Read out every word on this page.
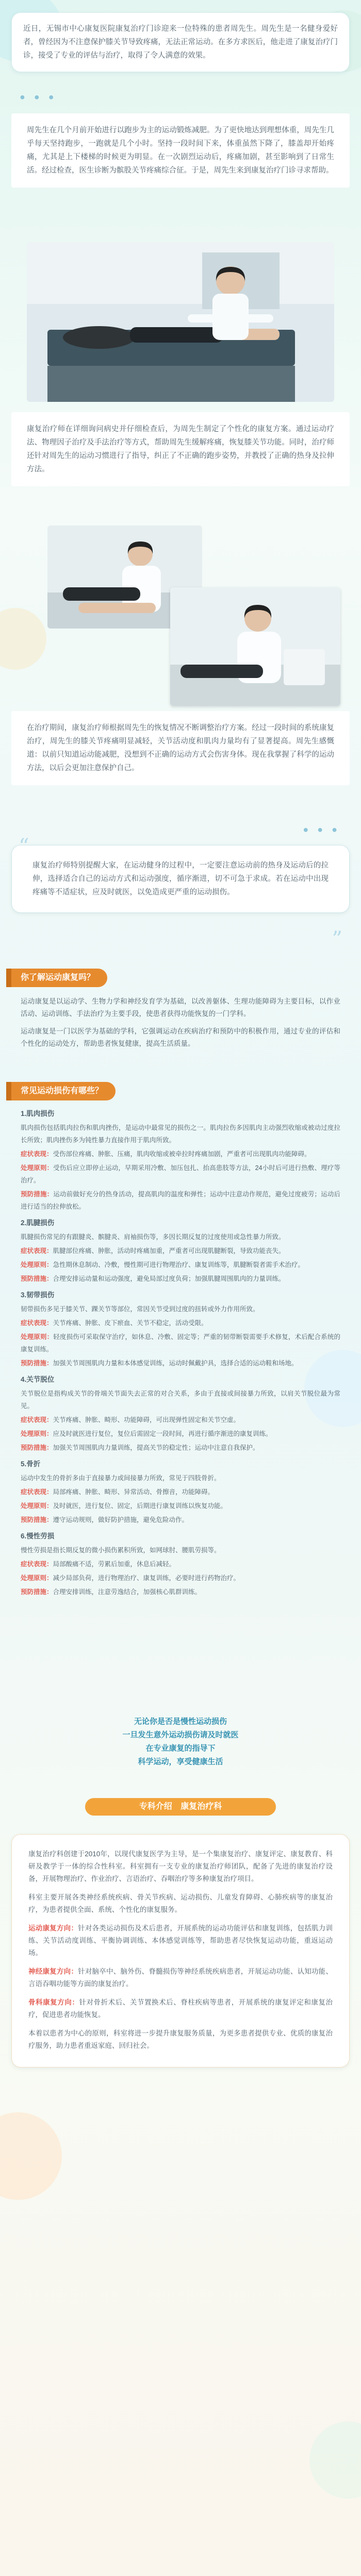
近日，无锡市中心康复医院康复治疗门诊迎来一位特殊的患者周先生。周先生是一名健身爱好者，曾经因为不注意保护膝关节导致疼痛，无法正常运动。在多方求医后，他走进了康复治疗门诊，接受了专业的评估与治疗，取得了令人满意的效果。

● ● ●

周先生在几个月前开始进行以跑步为主的运动锻炼减肥。为了更快地达到理想体重，周先生几乎每天坚持跑步，一跑就是几个小时。坚持一段时间下来，体重虽然下降了，膝盖却开始疼痛，尤其是上下楼梯的时候更为明显。在一次剧烈运动后，疼痛加剧，甚至影响到了日常生活。经过检查，医生诊断为髌股关节疼痛综合征。于是，周先生来到康复治疗门诊寻求帮助。

康复治疗师在详细询问病史并仔细检查后，为周先生制定了个性化的康复方案。通过运动疗法、物理因子治疗及手法治疗等方式，帮助周先生缓解疼痛，恢复膝关节功能。同时，治疗师还针对周先生的运动习惯进行了指导，纠正了不正确的跑步姿势，并教授了正确的热身及拉伸方法。

在治疗期间，康复治疗师根据周先生的恢复情况不断调整治疗方案。经过一段时间的系统康复治疗，周先生的膝关节疼痛明显减轻，关节活动度和肌肉力量均有了显著提高。周先生感慨道：以前只知道运动能减肥，没想到不正确的运动方式会伤害身体。现在我掌握了科学的运动方法，以后会更加注意保护自己。

● ● ●

康复治疗师特别提醒大家，在运动健身的过程中，一定要注意运动前的热身及运动后的拉伸，选择适合自己的运动方式和运动强度，循序渐进，切不可急于求成。若在运动中出现疼痛等不适症状，应及时就医，以免造成更严重的运动损伤。

“
”
你了解运动康复吗？

运动康复是以运动学、生物力学和神经发育学为基础，以改善躯体、生理功能障碍为主要目标，以作业活动、运动训练、手法治疗为主要手段，使患者获得功能恢复的一门学科。

运动康复是一门以医学为基础的学科，它强调运动在疾病治疗和预防中的积极作用，通过专业的评估和个性化的运动处方，帮助患者恢复健康，提高生活质量。

常见运动损伤有哪些？

1.肌肉损伤

肌肉损伤包括肌肉拉伤和肌肉挫伤，是运动中最常见的损伤之一。肌肉拉伤多因肌肉主动强烈收缩或被动过度拉长所致；肌肉挫伤多为钝性暴力直接作用于肌肉所致。

症状表现：受伤部位疼痛、肿胀、压痛，肌肉收缩或被牵拉时疼痛加剧，严重者可出现肌肉功能障碍。

处理原则：受伤后应立即停止运动，早期采用冷敷、加压包扎、抬高患肢等方法，24小时后可进行热敷、理疗等治疗。

预防措施：运动前做好充分的热身活动，提高肌肉的温度和弹性；运动中注意动作规范，避免过度疲劳；运动后进行适当的拉伸放松。

2.肌腱损伤

肌腱损伤常见的有跟腱炎、髌腱炎、肩袖损伤等，多因长期反复的过度使用或急性暴力所致。

症状表现：肌腱部位疼痛、肿胀，活动时疼痛加重，严重者可出现肌腱断裂，导致功能丧失。

处理原则：急性期休息制动、冷敷，慢性期可进行物理治疗、康复训练等，肌腱断裂者需手术治疗。

预防措施：合理安排运动量和运动强度，避免局部过度负荷；加强肌腱周围肌肉的力量训练。

3.韧带损伤

韧带损伤多见于膝关节、踝关节等部位，常因关节受到过度的扭转或外力作用所致。

症状表现：关节疼痛、肿胀、皮下瘀血、关节不稳定，活动受限。

处理原则：轻度损伤可采取保守治疗，如休息、冷敷、固定等；严重的韧带断裂需要手术修复，术后配合系统的康复训练。

预防措施：加强关节周围肌肉力量和本体感觉训练，运动时佩戴护具，选择合适的运动鞋和场地。

4.关节脱位

关节脱位是指构成关节的骨端关节面失去正常的对合关系，多由于直接或间接暴力所致，以肩关节脱位最为常见。

症状表现：关节疼痛、肿胀、畸形、功能障碍，可出现弹性固定和关节空虚。

处理原则：应及时就医进行复位，复位后需固定一段时间，再进行循序渐进的康复训练。

预防措施：加强关节周围肌肉力量训练，提高关节的稳定性；运动中注意自我保护。

5.骨折

运动中发生的骨折多由于直接暴力或间接暴力所致，常见于四肢骨折。

症状表现：局部疼痛、肿胀、畸形、异常活动、骨擦音，功能障碍。

处理原则：及时就医，进行复位、固定，后期进行康复训练以恢复功能。

预防措施：遵守运动规则，做好防护措施，避免危险动作。

6.慢性劳损

慢性劳损是指长期反复的微小损伤累积所致，如网球肘、腰肌劳损等。

症状表现：局部酸痛不适，劳累后加重，休息后减轻。

处理原则：减少局部负荷，进行物理治疗、康复训练，必要时进行药物治疗。

预防措施：合理安排训练，注意劳逸结合，加强核心肌群训练。

无论你是否是慢性运动损伤
一旦发生意外运动损伤请及时就医
在专业康复的指导下
科学运动，享受健康生活
专科介绍 康复治疗科

康复治疗科创建于2010年，以现代康复医学为主导，是一个集康复治疗、康复评定、康复教育、科研及教学于一体的综合性科室。科室拥有一支专业的康复治疗师团队，配备了先进的康复治疗设备，开展物理治疗、作业治疗、言语治疗、吞咽治疗等多种康复治疗项目。

科室主要开展各类神经系统疾病、骨关节疾病、运动损伤、儿童发育障碍、心肺疾病等的康复治疗，为患者提供全面、系统、个性化的康复服务。

运动康复方向：针对各类运动损伤及术后患者，开展系统的运动功能评估和康复训练，包括肌力训练、关节活动度训练、平衡协调训练、本体感觉训练等，帮助患者尽快恢复运动功能，重返运动场。

神经康复方向：针对脑卒中、脑外伤、脊髓损伤等神经系统疾病患者，开展运动功能、认知功能、言语吞咽功能等方面的康复治疗。

骨科康复方向：针对骨折术后、关节置换术后、脊柱疾病等患者，开展系统的康复评定和康复治疗，促进患者功能恢复。

本着以患者为中心的原则，科室将进一步提升康复服务质量，为更多患者提供专业、优质的康复治疗服务，助力患者重返家庭、回归社会。
